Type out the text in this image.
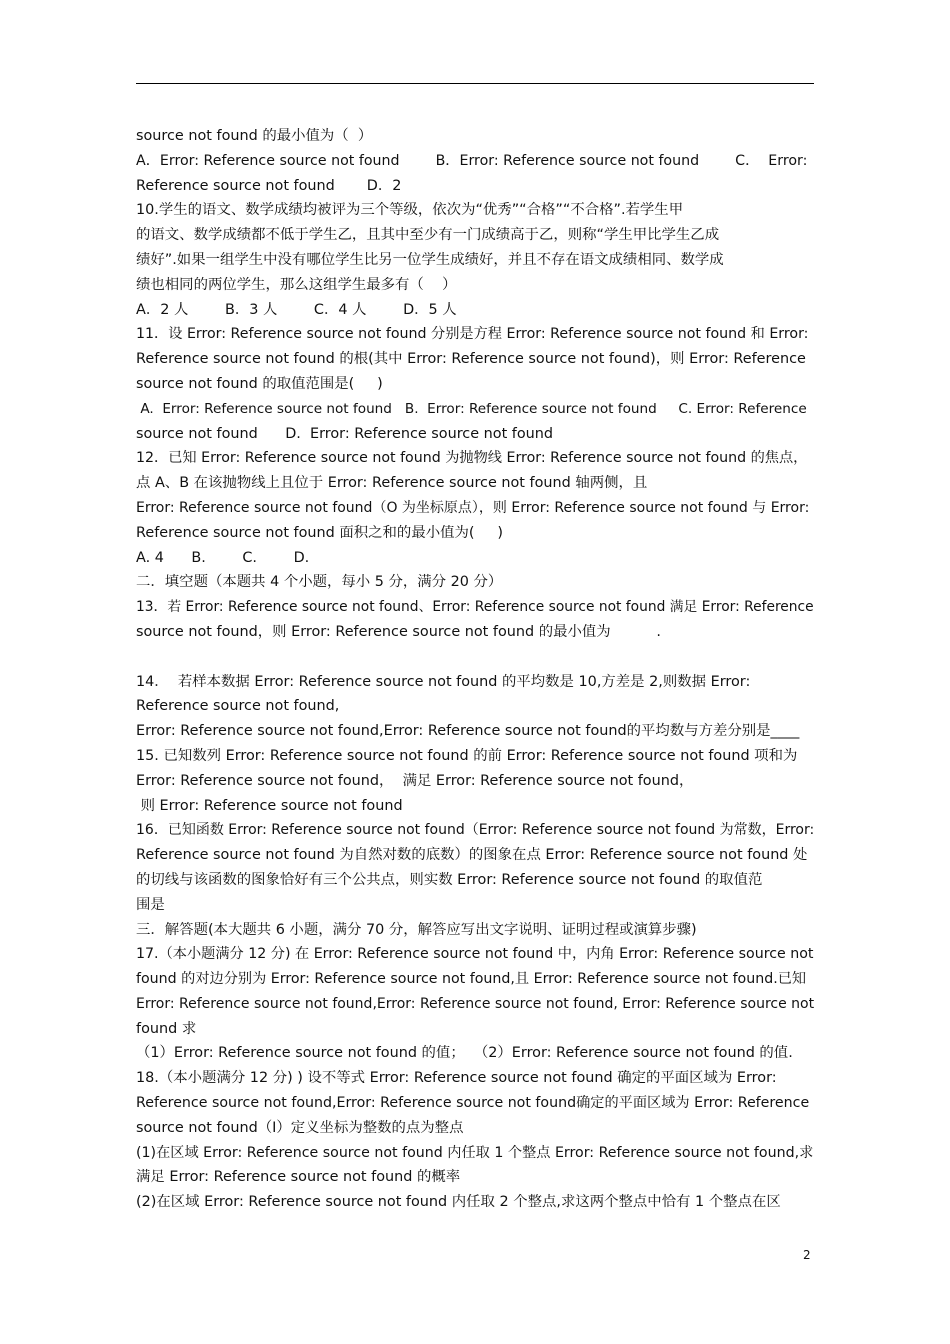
source not found 的最小值为（  ）

A．Error: Reference source not found        B．Error: Reference source not found        C．  Error:

Reference source not found       D．2

10.学生的语文、数学成绩均被评为三个等级，依次为“优秀”“合格”“不合格”.若学生甲

的语文、数学成绩都不低于学生乙，且其中至少有一门成绩高于乙，则称“学生甲比学生乙成

绩好”.如果一组学生中没有哪位学生比另一位学生成绩好，并且不存在语文成绩相同、数学成

绩也相同的两位学生，那么这组学生最多有（    ）

A．2 人        B．3 人        C．4 人        D．5 人

11．设 Error: Reference source not found 分别是方程 Error: Reference source not found 和 Error:

Reference source not found 的根(其中 Error: Reference source not found)，则 Error: Reference

source not found 的取值范围是(     )

A.  Error: Reference source not found   B.  Error: Reference source not found     C. Error: Reference

source not found      D.  Error: Reference source not found

12．已知 Error: Reference source not found 为抛物线 Error: Reference source not found 的焦点，

点 A、B 在该抛物线上且位于 Error: Reference source not found 轴两侧，且

Error: Reference source not found（O 为坐标原点），则 Error: Reference source not found 与 Error:

Reference source not found 面积之和的最小值为(     )

A. 4      B.        C.        D.

二．填空题（本题共 4 个小题，每小 5 分，满分 20 分）

13．若 Error: Reference source not found、Error: Reference source not found 满足 Error: Reference

source not found，则 Error: Reference source not found 的最小值为          .

14．  若样本数据 Error: Reference source not found 的平均数是 10,方差是 2,则数据 Error:

Reference source not found,

Error: Reference source not found,Error: Reference source not found的平均数与方差分别是____

15. 已知数列 Error: Reference source not found 的前 Error: Reference source not found 项和为

Error: Reference source not found，  满足 Error: Reference source not found，

则 Error: Reference source not found

16．已知函数 Error: Reference source not found（Error: Reference source not found 为常数，Error:

Reference source not found 为自然对数的底数）的图象在点 Error: Reference source not found 处

的切线与该函数的图象恰好有三个公共点，则实数 Error: Reference source not found 的取值范

围是

三．解答题(本大题共 6 小题，满分 70 分，解答应写出文字说明、证明过程或演算步骤)

17.（本小题满分 12 分) 在 Error: Reference source not found 中，内角 Error: Reference source not

found 的对边分别为 Error: Reference source not found,且 Error: Reference source not found.已知

Error: Reference source not found,Error: Reference source not found, Error: Reference source not

found 求

（1）Error: Reference source not found 的值；  （2）Error: Reference source not found 的值.

18.（本小题满分 12 分) ) 设不等式 Error: Reference source not found 确定的平面区域为 Error:

Reference source not found,Error: Reference source not found确定的平面区域为 Error: Reference

source not found（Ⅰ）定义坐标为整数的点为整点

(1)在区域 Error: Reference source not found 内任取 1 个整点 Error: Reference source not found,求

满足 Error: Reference source not found 的概率

(2)在区域 Error: Reference source not found 内任取 2 个整点,求这两个整点中恰有 1 个整点在区

2
